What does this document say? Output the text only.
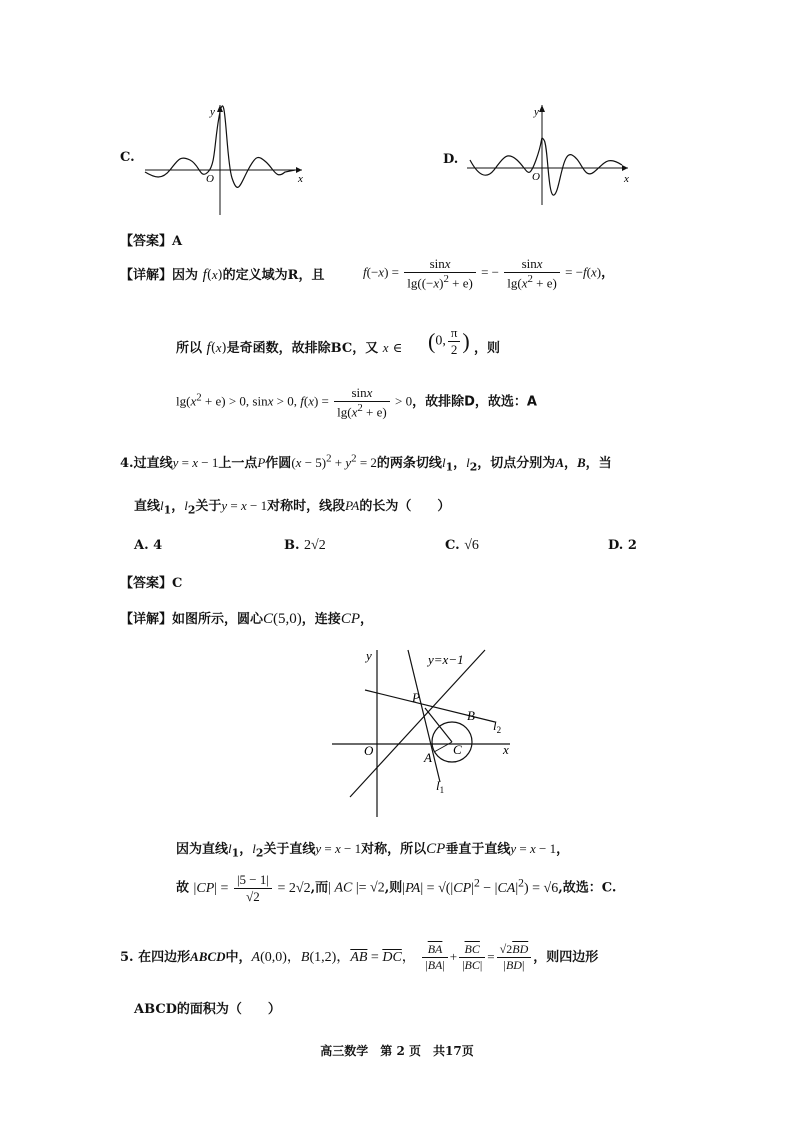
C.
O	x
y
D.
O	x
y
【答案】A
【详解】因为 f(x)的定义域为R，且	$f(-x) = \frac{\sin x}{\lg((-x)^2 + e)}$ = − $\frac{\sin x}{\lg(x^2 + e)} = -f(x)$，
所以 f(x)是奇函数，故排除BC，又 x ∈ (0, $\frac{\pi}{2}$ ) ，则
$\lg(x^2 + e) > 0$, sinx > 0, $f(x) = \frac{\sin x}{\lg(x^2 + e)} > 0$，故排除D，故选：A
4.过直线y = x − 1上一点P作圆$(x - 5)^2 + y^2 = 2$的两条切线$l_1$，$l_2$，切点分别为A，B，当
直线$l_1$，$l_2$关于y = x − 1对称时，线段PA的长为（　　）
A. 4	B. 2√2	C. √6	D. 2
【答案】C
【详解】如图所示，圆心C(5,0)，连接CP，
y=x−1
y
x
O
P
B
A
C
$l_2$
$l_1$
因为直线$l_1$，$l_2$关于直线y = x − 1对称，所以CP垂直于直线y = x − 1，
故 $|CP| = \frac{|5 - 1|}{√2} = 2√2$,而| AC |= √2,则$|PA| = √(|CP|^2 - |CA|^2) = √6$,故选：C.
5. 在四边形ABCD中，A(0,0)，B(1,2)，$\overline{AB} = \overline{DC}$， $\frac{\overline{BA}}{|\overline{BA}|} + \frac{\overline{BC}}{|\overline{BC}|} = \frac{√2\overline{BD}}{|\overline{BD}|}$ ，则四边形
ABCD的面积为（　　）
高三数学　第 2 页　共17页
